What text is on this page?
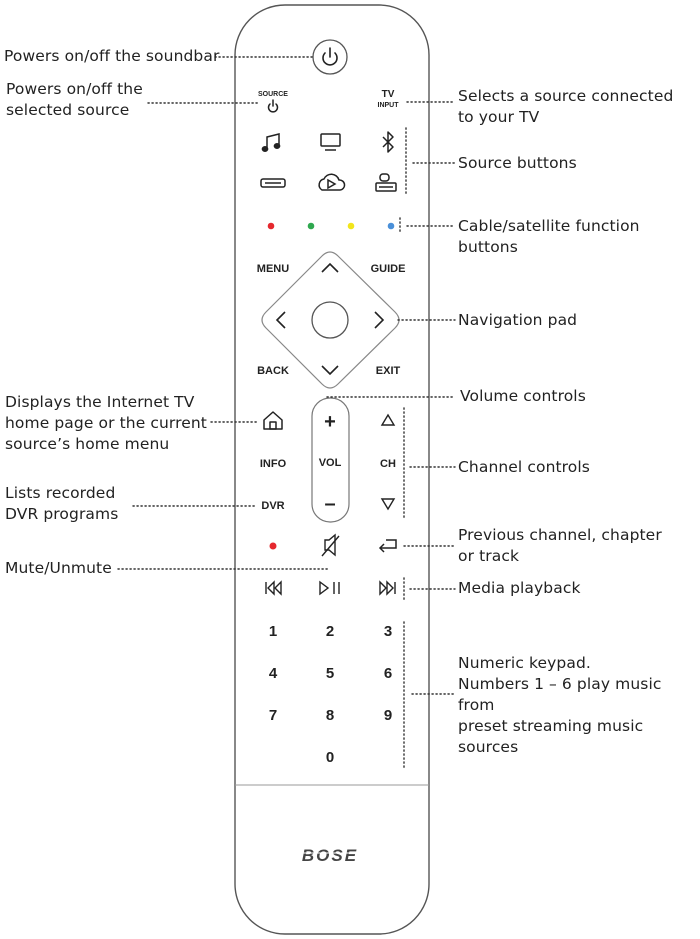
SOURCE	TV
INPUT
MENU	GUIDE
BACK	EXIT
+
VOL
–
INFO
DVR
CH
1	2	3
4	5	6
7	8	9
0
BOSE
Powers on/off the soundbar
Powers on/off the
selected source
Selects a source connected
to your TV
Source buttons
Cable/satellite function buttons
Navigation pad
Volume controls
Displays the Internet TV
home page or the current
source’s home menu
Channel controls
Lists recorded
DVR programs
Previous channel, chapter
or track
Mute/Unmute
Media playback
Numeric keypad.
Numbers 1 – 6 play music from
preset streaming music
sources
